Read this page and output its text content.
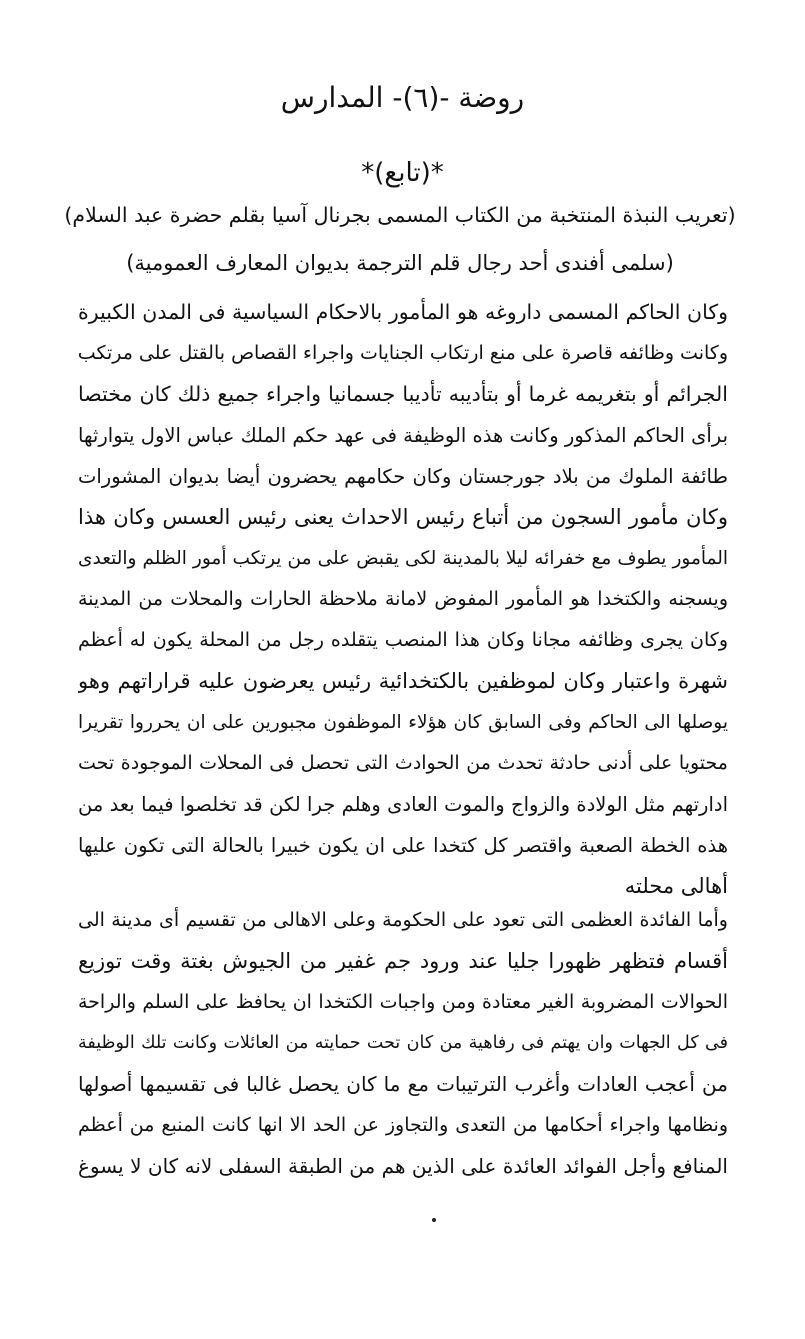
روضة -(٦)- المدارس
*(تابع)*
(تعريب النبذة المنتخبة من الكتاب المسمى بجرنال آسيا بقلم حضرة عبد السلام)
(سلمى أفندى أحد رجال قلم الترجمة بديوان المعارف العمومية)
وكان الحاكم المسمى داروغه هو المأمور بالاحكام السياسية فى المدن الكبيرة
وكانت وظائفه قاصرة على منع ارتكاب الجنايات واجراء القصاص بالقتل على مرتكب
الجرائم أو بتغريمه غرما أو بتأديبه تأديبا جسمانيا واجراء جميع ذلك كان مختصا
برأى الحاكم المذكور وكانت هذه الوظيفة فى عهد حكم الملك عباس الاول يتوارثها
طائفة الملوك من بلاد جورجستان وكان حكامهم يحضرون أيضا بديوان المشورات
وكان مأمور السجون من أتباع رئيس الاحداث يعنى رئيس العسس وكان هذا
المأمور يطوف مع خفرائه ليلا بالمدينة لكى يقبض على من يرتكب أمور الظلم والتعدى
ويسجنه والكتخدا هو المأمور المفوض لامانة ملاحظة الحارات والمحلات من المدينة
وكان يجرى وظائفه مجانا وكان هذا المنصب يتقلده رجل من المحلة يكون له أعظم
شهرة واعتبار وكان لموظفين بالكتخدائية رئيس يعرضون عليه قراراتهم وهو
يوصلها الى الحاكم وفى السابق كان هؤلاء الموظفون مجبورين على ان يحرروا تقريرا
محتويا على أدنى حادثة تحدث من الحوادث التى تحصل فى المحلات الموجودة تحت
ادارتهم مثل الولادة والزواج والموت العادى وهلم جرا لكن قد تخلصوا فيما بعد من
هذه الخطة الصعبة واقتصر كل كتخدا على ان يكون خبيرا بالحالة التى تكون عليها
أهالى محلته
وأما الفائدة العظمى التى تعود على الحكومة وعلى الاهالى من تقسيم أى مدينة الى
أقسام فتظهر ظهورا جليا عند ورود جم غفير من الجيوش بغتة وقت توزيع
الحوالات المضروبة الغير معتادة ومن واجبات الكتخدا ان يحافظ على السلم والراحة
فى كل الجهات وان يهتم فى رفاهية من كان تحت حمايته من العائلات وكانت تلك الوظيفة
من أعجب العادات وأغرب الترتيبات مع ما كان يحصل غالبا فى تقسيمها أصولها
ونظامها واجراء أحكامها من التعدى والتجاوز عن الحد الا انها كانت المنبع من أعظم
المنافع وأجل الفوائد العائدة على الذين هم من الطبقة السفلى لانه كان لا يسوغ
